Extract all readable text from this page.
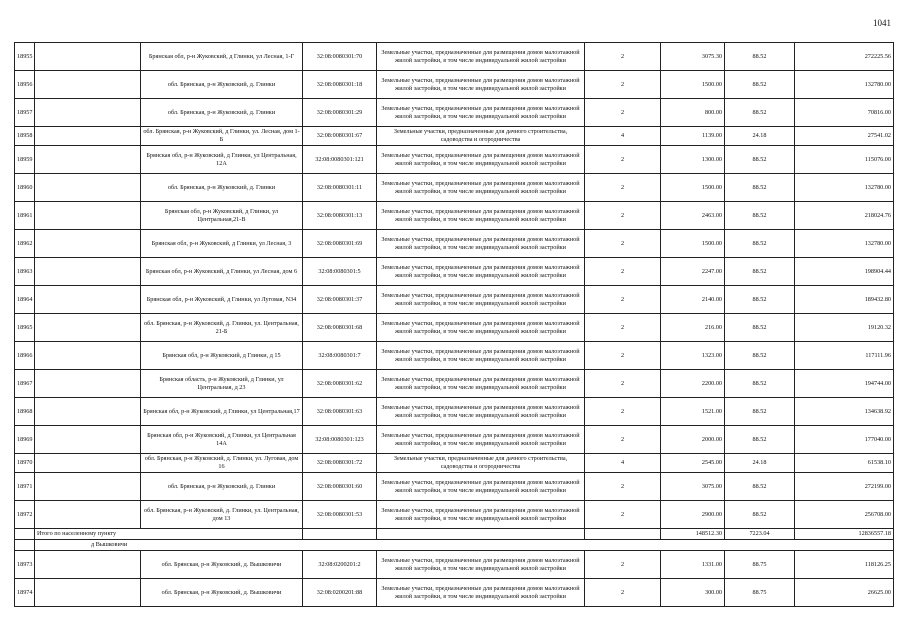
1041
18955		Брянская обл, р-н Жуковский, д Глинки, ул Лесная, 1-Г	32:08:0080301:70	Земельные участки, предназначенные для размещения домов малоэтажной жилой застройки, в том числе индивидуальной жилой застройки	2	3075.30	88.52	272225.56
18956		обл. Брянская, р-н Жуковский, д. Глинки	32:08:0080301:18	Земельные участки, предназначенные для размещения домов малоэтажной жилой застройки, в том числе индивидуальной жилой застройки	2	1500.00	88.52	132780.00
18957		обл. Брянская, р-н Жуковский, д. Глинки	32:08:0080301:29	Земельные участки, предназначенные для размещения домов малоэтажной жилой застройки, в том числе индивидуальной жилой застройки	2	800.00	88.52	70816.00
18958		обл. Брянская, р-н Жуковский, д Глинки, ул. Лесная, дом 1-Б	32:08:0080301:67	Земельные участки, предназначенные для дачного строительства, садоводства и огородничества	4	1139.00	24.18	27541.02
18959		Брянская обл, р-н Жуковский, д Глинки, ул Центральная, 12А	32:08:0080301:121	Земельные участки, предназначенные для размещения домов малоэтажной жилой застройки, в том числе индивидуальной жилой застройки	2	1300.00	88.52	115076.00
18960		обл. Брянская, р-н Жуковский, д. Глинки	32:08:0080301:11	Земельные участки, предназначенные для размещения домов малоэтажной жилой застройки, в том числе индивидуальной жилой застройки	2	1500.00	88.52	132780.00
18961		Брянская обл, р-н Жуковский, д Глинки, ул Центральная,21-В	32:08:0080301:13	Земельные участки, предназначенные для размещения домов малоэтажной жилой застройки, в том числе индивидуальной жилой застройки	2	2463.00	88.52	218024.76
18962		Брянская обл, р-н Жуковский, д Глинки, ул Лесная, 3	32:08:0080301:69	Земельные участки, предназначенные для размещения домов малоэтажной жилой застройки, в том числе индивидуальной жилой застройки	2	1500.00	88.52	132780.00
18963		Брянская обл, р-н Жуковский, д Глинки, ул Лесная, дом 6	32:08:0080301:5	Земельные участки, предназначенные для размещения домов малоэтажной жилой застройки, в том числе индивидуальной жилой застройки	2	2247.00	88.52	198904.44
18964		Брянская обл, р-н Жуковский, д Глинки, ул Луговая, N34	32:08:0080301:37	Земельные участки, предназначенные для размещения домов малоэтажной жилой застройки, в том числе индивидуальной жилой застройки	2	2140.00	88.52	189432.80
18965		обл. Брянская, р-н Жуковский, д. Глинки, ул. Центральная, 21-Б	32:08:0080301:68	Земельные участки, предназначенные для размещения домов малоэтажной жилой застройки, в том числе индивидуальной жилой застройки	2	216.00	88.52	19120.32
18966		Брянская обл, р-н Жуковский, д Глинки, д 15	32:08:0080301:7	Земельные участки, предназначенные для размещения домов малоэтажной жилой застройки, в том числе индивидуальной жилой застройки	2	1323.00	88.52	117111.96
18967		Брянская область, р-н Жуковский, д Глинки, ул Центральная, д 23	32:08:0080301:62	Земельные участки, предназначенные для размещения домов малоэтажной жилой застройки, в том числе индивидуальной жилой застройки	2	2200.00	88.52	194744.00
18968		Брянская обл, р-н Жуковский, д Глинки, ул Центральная,17	32:08:0080301:63	Земельные участки, предназначенные для размещения домов малоэтажной жилой застройки, в том числе индивидуальной жилой застройки	2	1521.00	88.52	134638.92
18969		Брянская обл, р-н Жуковский, д Глинки, ул Центральная 14А	32:08:0080301:123	Земельные участки, предназначенные для размещения домов малоэтажной жилой застройки, в том числе индивидуальной жилой застройки	2	2000.00	88.52	177040.00
18970		обл. Брянская, р-н Жуковский, д. Глинки, ул. Луговая, дом 16	32:08:0080301:72	Земельные участки, предназначенные для дачного строительства, садоводства и огородничества	4	2545.00	24.18	61538.10
18971		обл. Брянская, р-н Жуковский, д. Глинки	32:08:0080301:60	Земельные участки, предназначенные для размещения домов малоэтажной жилой застройки, в том числе индивидуальной жилой застройки	2	3075.00	88.52	272199.00
18972		обл. Брянская, р-н Жуковский, д. Глинки, ул. Центральная, дом 13	32:08:0080301:53	Земельные участки, предназначенные для размещения домов малоэтажной жилой застройки, в том числе индивидуальной жилой застройки	2	2900.00	88.52	256708.00
	Итого по населенному пункту					148512.30	7223.04	12836557.18
	д Вышковичи							
18973		обл. Брянская, р-н Жуковский, д. Вышковичи	32:08:0200201:2	Земельные участки, предназначенные для размещения домов малоэтажной жилой застройки, в том числе индивидуальной жилой застройки	2	1331.00	88.75	118126.25
18974		обл. Брянская, р-н Жуковский, д. Вышковичи	32:08:0200201:88	Земельные участки, предназначенные для размещения домов малоэтажной жилой застройки, в том числе индивидуальной жилой застройки	2	300.00	88.75	26625.00
